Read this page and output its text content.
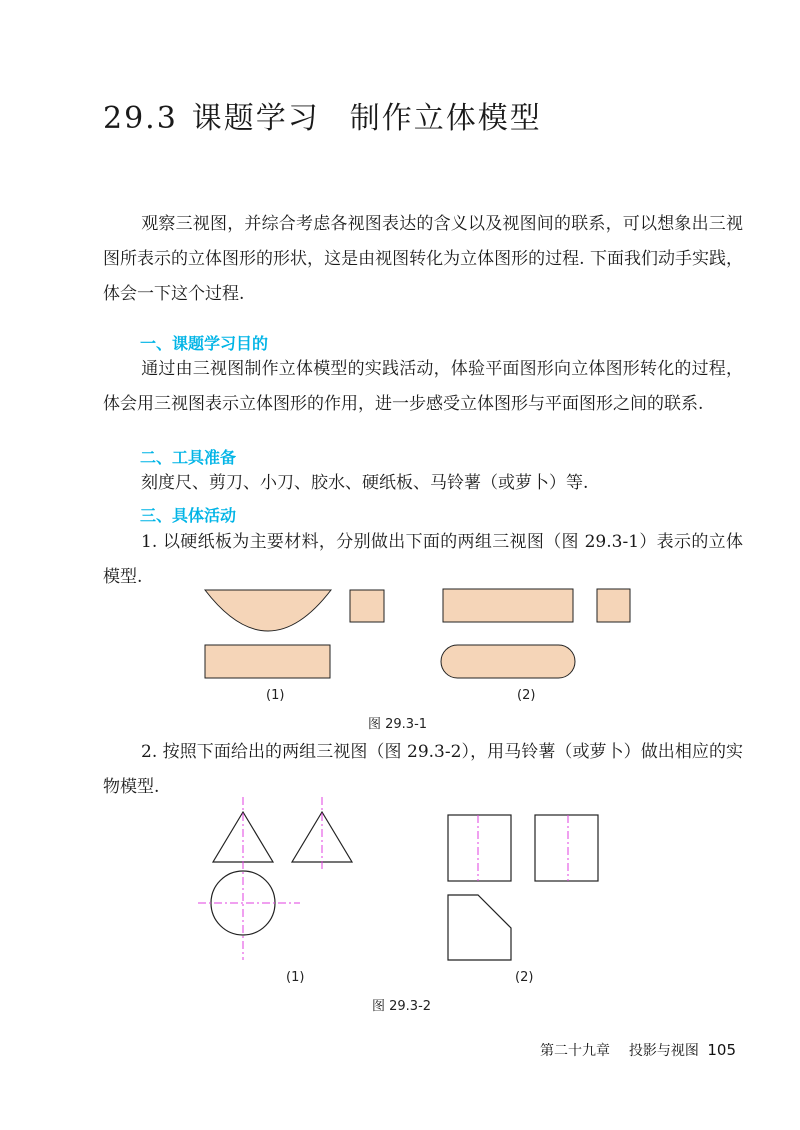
29.3 课题学习 制作立体模型
观察三视图，并综合考虑各视图表达的含义以及视图间的联系，可以想象出三视图所表示的立体图形的形状，这是由视图转化为立体图形的过程. 下面我们动手实践，体会一下这个过程.
一、课题学习目的
通过由三视图制作立体模型的实践活动，体验平面图形向立体图形转化的过程，体会用三视图表示立体图形的作用，进一步感受立体图形与平面图形之间的联系.
二、工具准备
刻度尺、剪刀、小刀、胶水、硬纸板、马铃薯（或萝卜）等.
三、具体活动
1. 以硬纸板为主要材料，分别做出下面的两组三视图（图 29.3-1）表示的立体模型.
(1)	(2)
图 29.3-1
2. 按照下面给出的两组三视图（图 29.3-2），用马铃薯（或萝卜）做出相应的实物模型.
(1)	(2)
图 29.3-2
第二十九章 投影与视图 105
